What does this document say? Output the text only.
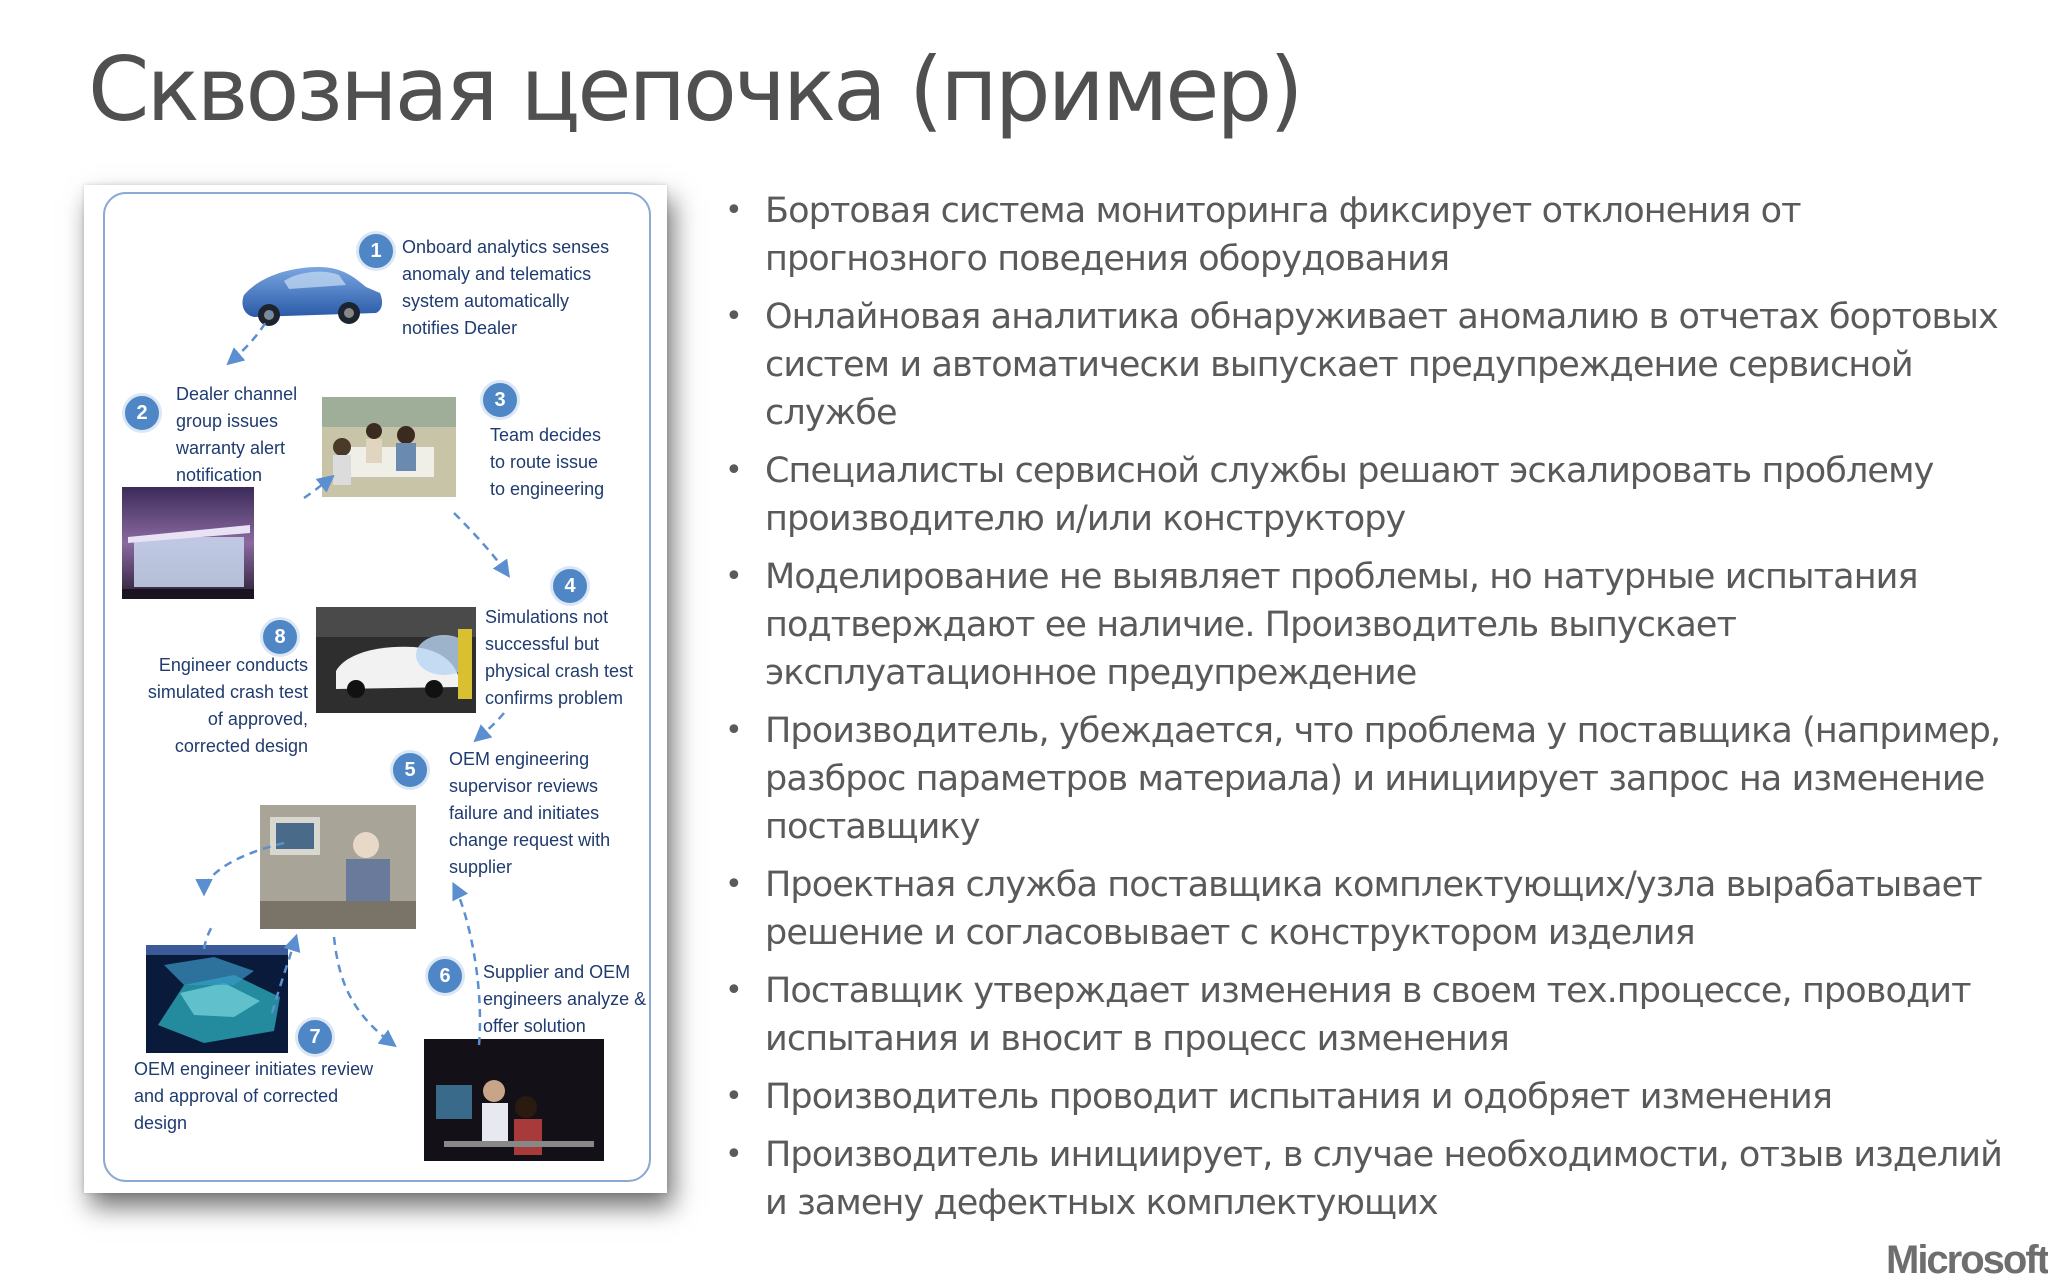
Сквозная цепочка (пример)
1	Onboard analytics senses
anomaly and telematics
system automatically
notifies Dealer
2
Dealer channel
group issues
warranty alert
notification
3
Team decides
to route issue
to engineering
4
Simulations not
successful but
physical crash test
confirms problem
8
Engineer conducts
simulated crash test
of approved,
corrected design
5	OEM engineering
supervisor reviews
failure and initiates
change request with
supplier
6	Supplier and OEM
engineers analyze &
offer solution
7
OEM engineer initiates review
and approval of corrected
design
• Бортовая система мониторинга фиксирует отклонения от прогнозного поведения оборудования
• Онлайновая аналитика обнаруживает аномалию в отчетах бортовых систем и автоматически выпускает предупреждение сервисной службе
• Специалисты сервисной службы решают эскалировать проблему производителю и/или конструктору
• Моделирование не выявляет проблемы, но натурные испытания подтверждают ее наличие. Производитель выпускает эксплуатационное предупреждение
• Производитель, убеждается, что проблема у поставщика (например, разброс параметров материала) и инициирует запрос на изменение поставщику
• Проектная служба поставщика комплектующих/узла вырабатывает решение и согласовывает с конструктором изделия
• Поставщик утверждает изменения в своем тех.процессе, проводит испытания и вносит в процесс изменения
• Производитель проводит испытания и одобряет изменения
• Производитель инициирует, в случае необходимости, отзыв изделий и замену дефектных комплектующих
Microsoft
